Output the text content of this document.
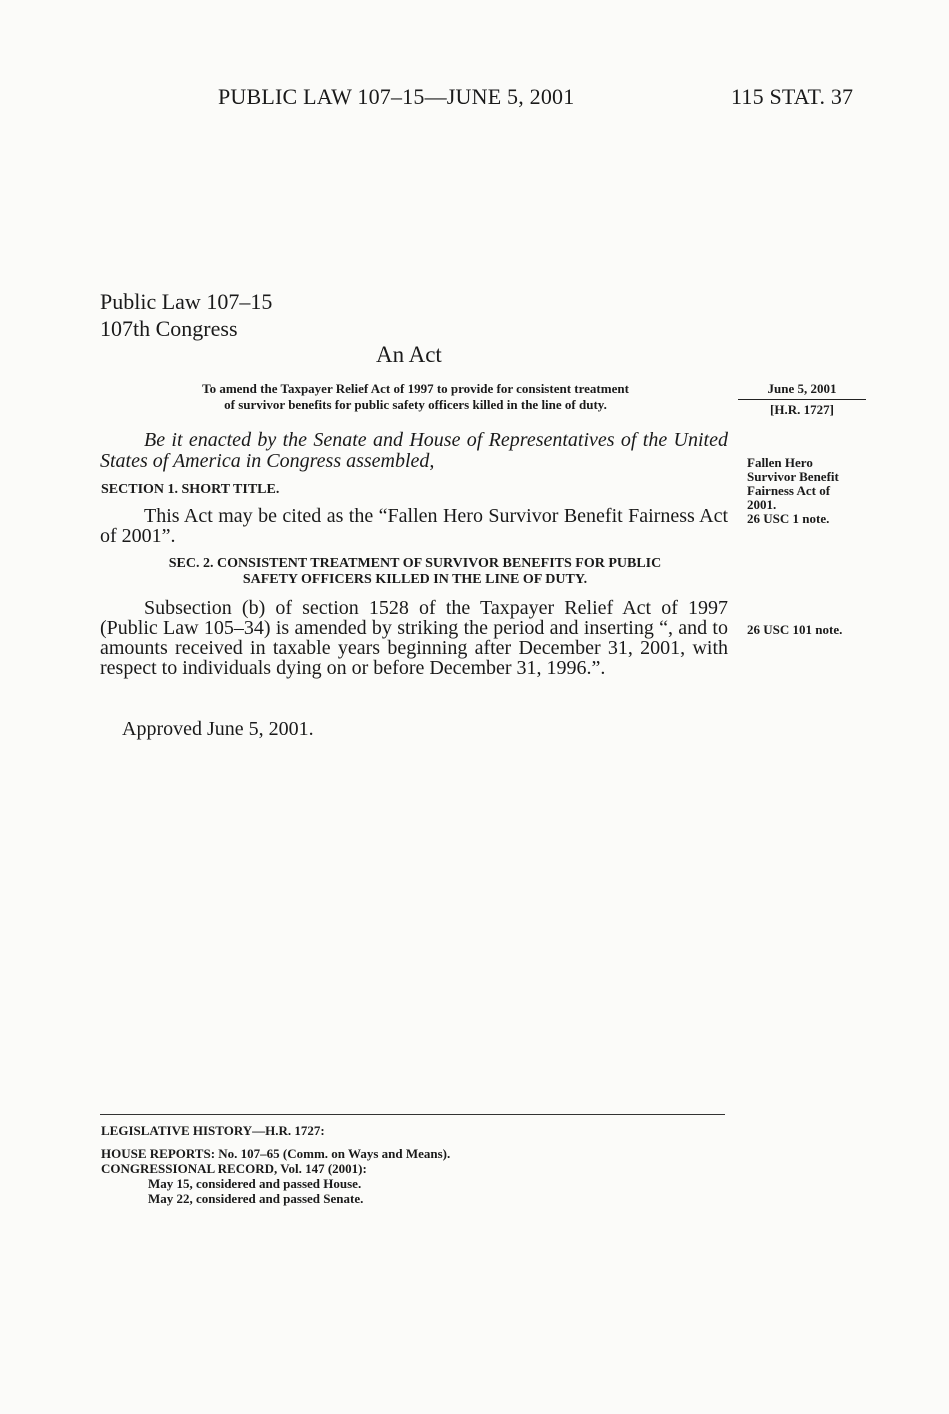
PUBLIC LAW 107–15—JUNE 5, 2001	115 STAT. 37
Public Law 107–15
107th Congress
An Act
To amend the Taxpayer Relief Act of 1997 to provide for consistent treatment
of survivor benefits for public safety officers killed in the line of duty.
June 5, 2001
[H.R. 1727]
Be it enacted by the Senate and House of Representatives of the United States of America in Congress assembled,
SECTION 1. SHORT TITLE.
This Act may be cited as the “Fallen Hero Survivor Benefit Fairness Act of 2001”.
Fallen Hero
Survivor Benefit
Fairness Act of
2001.
26 USC 1 note.
SEC. 2. CONSISTENT TREATMENT OF SURVIVOR BENEFITS FOR PUBLIC
SAFETY OFFICERS KILLED IN THE LINE OF DUTY.
Subsection (b) of section 1528 of the Taxpayer Relief Act of 1997 (Public Law 105–34) is amended by striking the period and inserting “, and to amounts received in taxable years beginning after December 31, 2001, with respect to individuals dying on or before December 31, 1996.”.
26 USC 101 note.
Approved June 5, 2001.
LEGISLATIVE HISTORY—H.R. 1727:
HOUSE REPORTS: No. 107–65 (Comm. on Ways and Means).
CONGRESSIONAL RECORD, Vol. 147 (2001):
May 15, considered and passed House.
May 22, considered and passed Senate.
